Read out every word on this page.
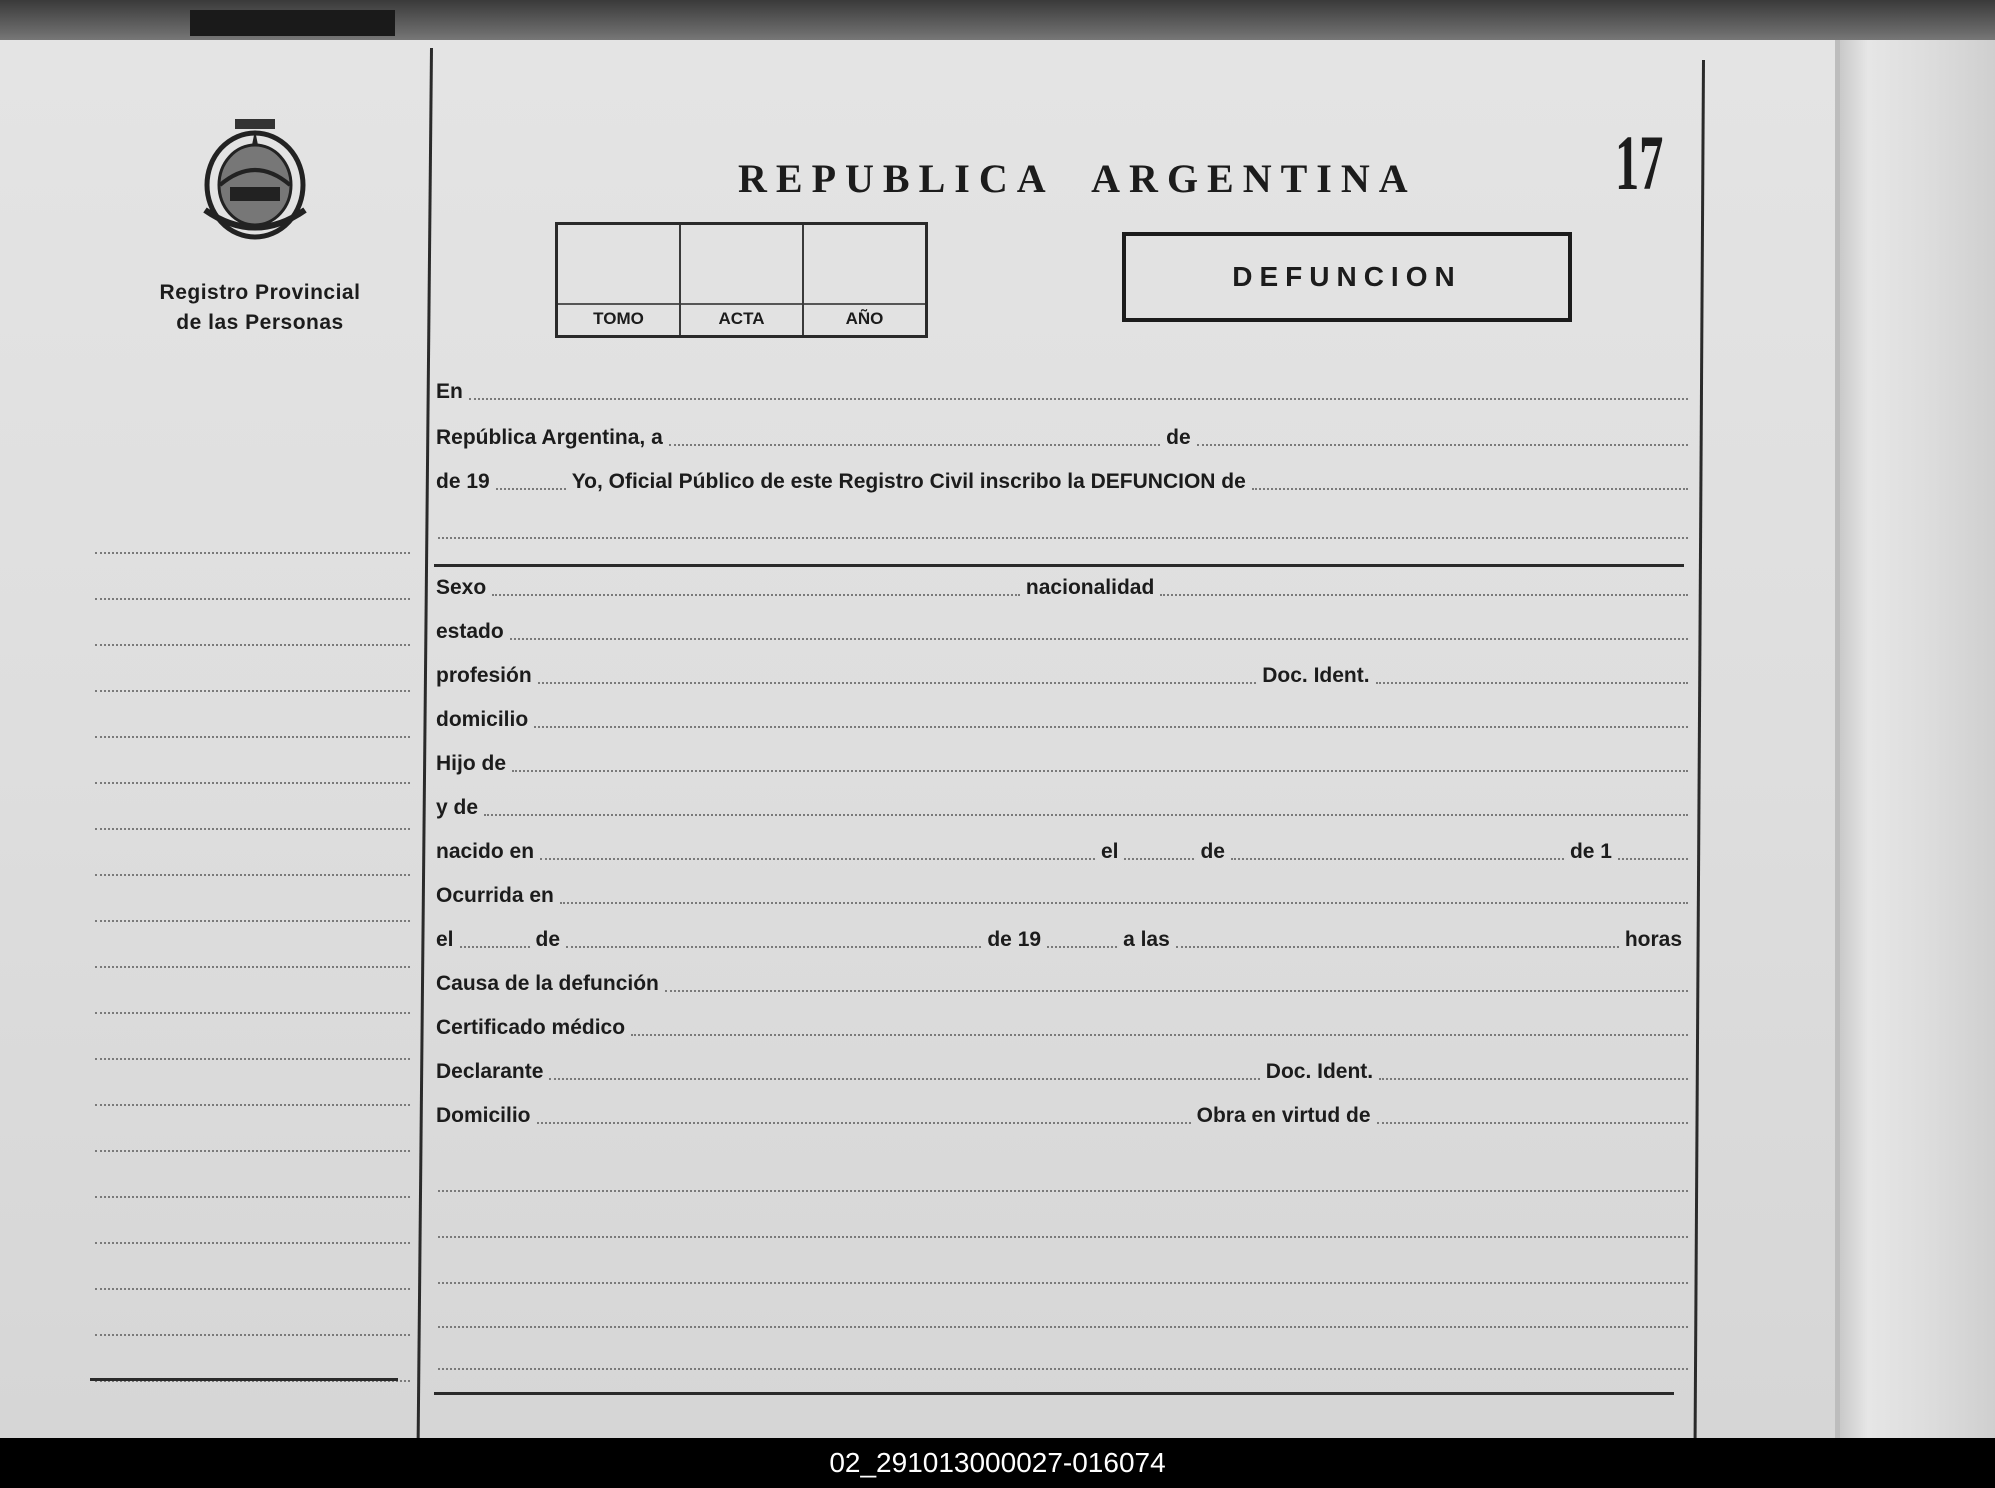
Registro Provincial
de las Personas
17
REPUBLICA ARGENTINA
TOMO	ACTA	AÑO
DEFUNCION
En
República Argentina, a	de
de 19	Yo, Oficial Público de este Registro Civil inscribo la DEFUNCION de
Sexo	nacionalidad
estado
profesión	Doc. Ident.
domicilio
Hijo de
y de
nacido en	el	de	de 1
Ocurrida en
el	de	de 19	a las	horas
Causa de la defunción
Certificado médico
Declarante	Doc. Ident.
Domicilio	Obra en virtud de
02_291013000027-016074
